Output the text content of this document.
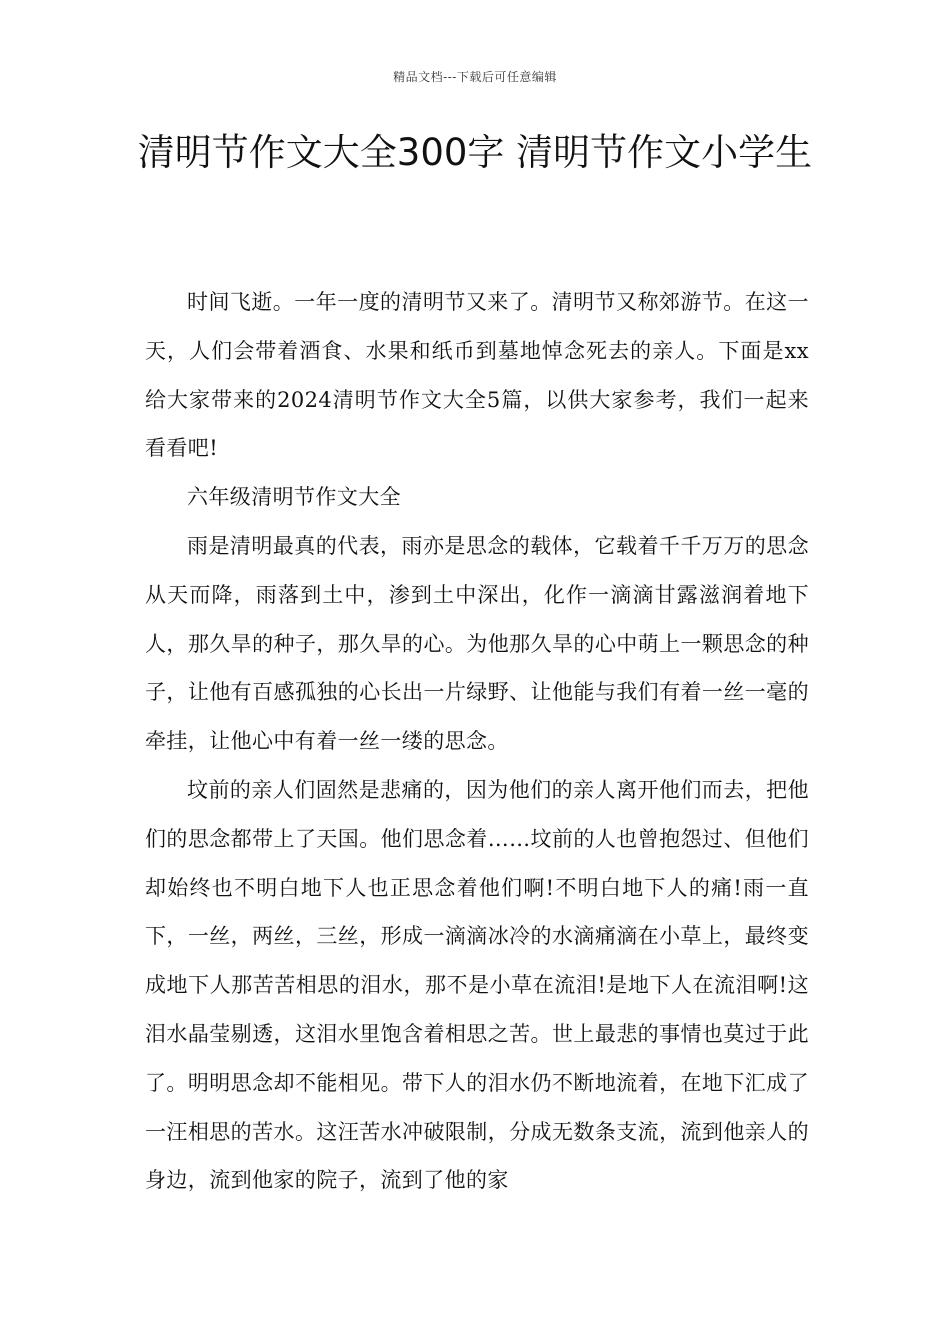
精品文档---下载后可任意编辑
清明节作文大全300字 清明节作文小学生

时间飞逝。一年一度的清明节又来了。清明节又称郊游节。在这一天，人们会带着酒食、水果和纸币到墓地悼念死去的亲人。下面是xx给大家带来的2024清明节作文大全5篇，以供大家参考，我们一起来看看吧!

六年级清明节作文大全

雨是清明最真的代表，雨亦是思念的载体，它载着千千万万的思念从天而降，雨落到土中，渗到土中深出，化作一滴滴甘露滋润着地下人，那久旱的种子，那久旱的心。为他那久旱的心中萌上一颗思念的种子，让他有百感孤独的心长出一片绿野、让他能与我们有着一丝一毫的牵挂，让他心中有着一丝一缕的思念。

坟前的亲人们固然是悲痛的，因为他们的亲人离开他们而去，把他们的思念都带上了天国。他们思念着……坟前的人也曾抱怨过、但他们却始终也不明白地下人也正思念着他们啊!不明白地下人的痛!雨一直下，一丝，两丝，三丝，形成一滴滴冰冷的水滴痛滴在小草上，最终变成地下人那苦苦相思的泪水，那不是小草在流泪!是地下人在流泪啊!这泪水晶莹剔透，这泪水里饱含着相思之苦。世上最悲的事情也莫过于此了。明明思念却不能相见。带下人的泪水仍不断地流着，在地下汇成了一汪相思的苦水。这汪苦水冲破限制，分成无数条支流，流到他亲人的身边，流到他家的院子，流到了他的家
